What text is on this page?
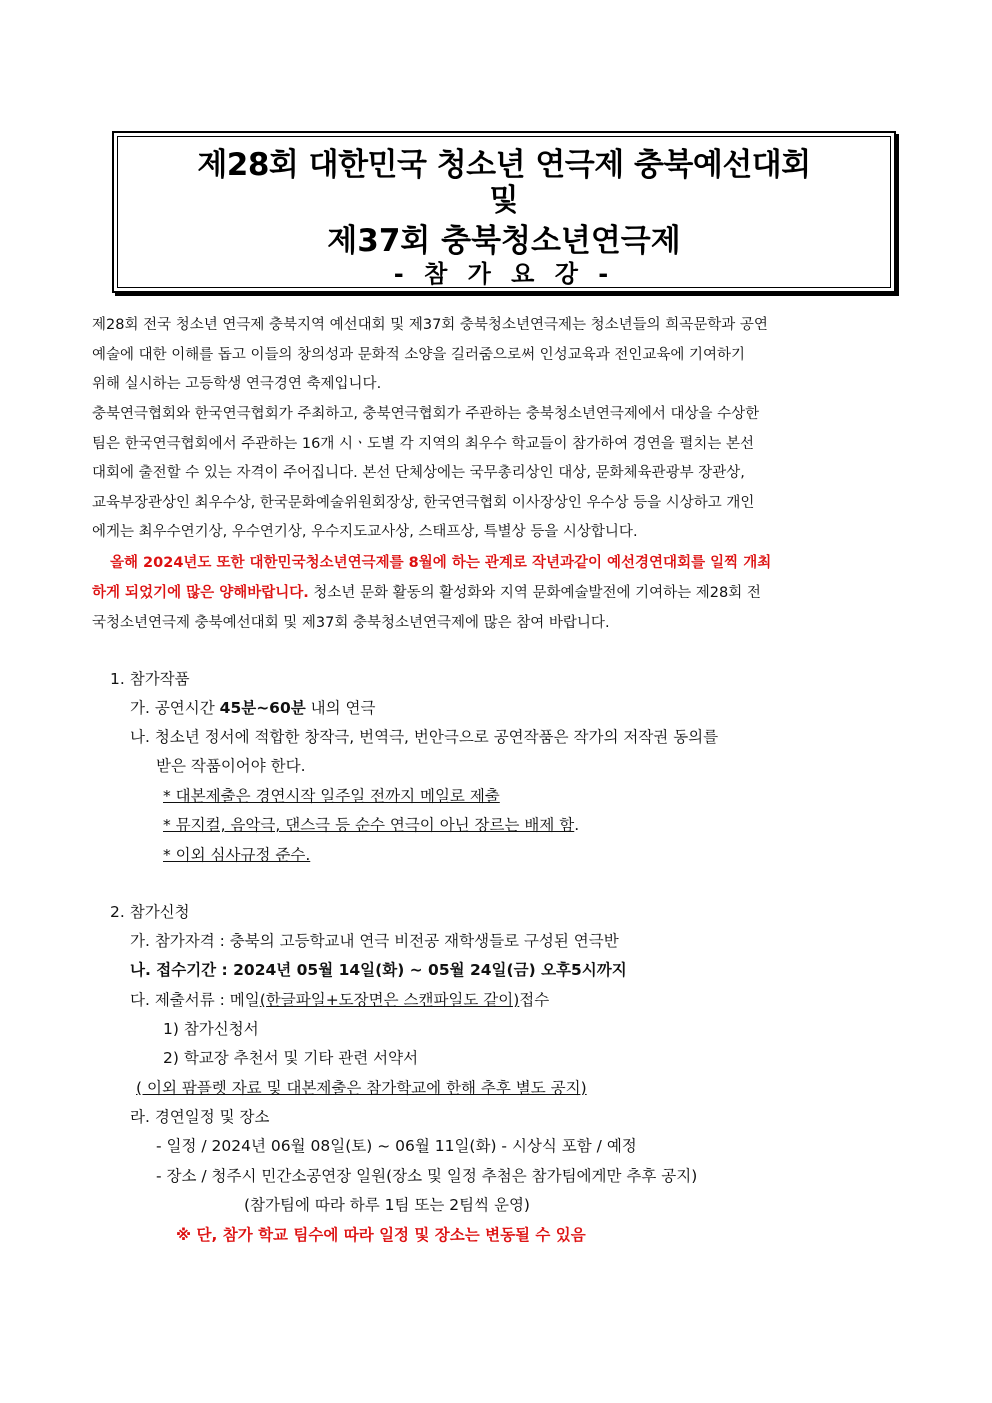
제28회 대한민국 청소년 연극제 충북예선대회
및
제37회 충북청소년연극제
- 참 가 요 강 -
제28회 전국 청소년 연극제 충북지역 예선대회 및 제37회 충북청소년연극제는 청소년들의 희곡문학과 공연
예술에 대한 이해를 돕고 이들의 창의성과 문화적 소양을 길러줌으로써 인성교육과 전인교육에 기여하기
위해 실시하는 고등학생 연극경연 축제입니다.
충북연극협회와 한국연극협회가 주최하고, 충북연극협회가 주관하는 충북청소년연극제에서 대상을 수상한
팀은 한국연극협회에서 주관하는 16개 시ㆍ도별 각 지역의 최우수 학교들이 참가하여 경연을 펼치는 본선
대회에 출전할 수 있는 자격이 주어집니다. 본선 단체상에는 국무총리상인 대상, 문화체육관광부 장관상,
교육부장관상인 최우수상, 한국문화예술위원회장상, 한국연극협회 이사장상인 우수상 등을 시상하고 개인
에게는 최우수연기상, 우수연기상, 우수지도교사상, 스태프상, 특별상 등을 시상합니다.
올해 2024년도 또한 대한민국청소년연극제를 8월에 하는 관계로 작년과같이 예선경연대회를 일찍 개최
하게 되었기에 많은 양해바랍니다. 청소년 문화 활동의 활성화와 지역 문화예술발전에 기여하는 제28회 전
국청소년연극제 충북예선대회 및 제37회 충북청소년연극제에 많은 참여 바랍니다.
1. 참가작품
가. 공연시간 45분~60분 내의 연극
나. 청소년 정서에 적합한 창작극, 번역극, 번안극으로 공연작품은 작가의 저작권 동의를
받은 작품이어야 한다.
* 대본제출은 경연시작 일주일 전까지 메일로 제출
* 뮤지컬, 음악극, 댄스극 등 순수 연극이 아닌 장르는 배제 함.
* 이외 심사규정 준수.
2. 참가신청
가. 참가자격 : 충북의 고등학교내 연극 비전공 재학생들로 구성된 연극반
나. 접수기간 : 2024년 05월 14일(화) ~ 05월 24일(금) 오후5시까지
다. 제출서류 : 메일(한글파일+도장면은 스캔파일도 같이)접수
1) 참가신청서
2) 학교장 추천서 및 기타 관련 서약서
( 이외 팜플렛 자료 및 대본제출은 참가학교에 한해 추후 별도 공지)
라. 경연일정 및 장소
- 일정 / 2024년 06월 08일(토) ~ 06월 11일(화) - 시상식 포함 / 예정
- 장소 / 청주시 민간소공연장 일원(장소 및 일정 추첨은 참가팀에게만 추후 공지)
(참가팀에 따라 하루 1팀 또는 2팀씩 운영)
※ 단, 참가 학교 팀수에 따라 일정 및 장소는 변동될 수 있음
